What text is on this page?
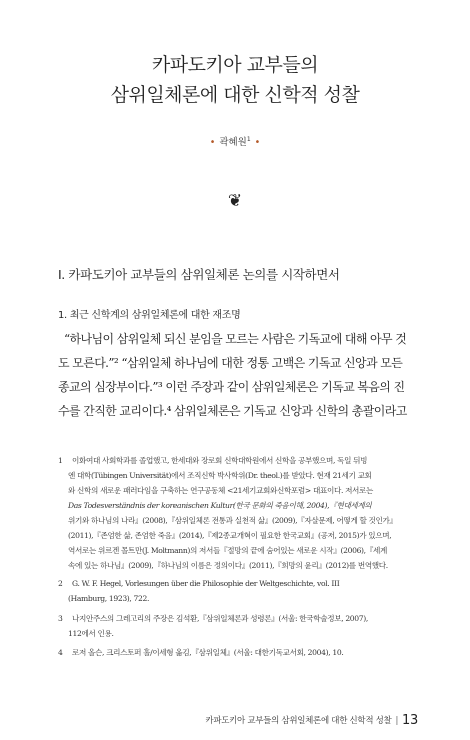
카파도키아 교부들의
삼위일체론에 대한 신학적 성찰
• 곽혜원$^1$ •
❦
I. 카파도키아 교부들의 삼위일체론 논의를 시작하면서
1. 최근 신학계의 삼위일체론에 대한 재조명
“하나님이 삼위일체 되신 분임을 모르는 사람은 기독교에 대해 아무 것
도 모른다.”² “삼위일체 하나님에 대한 정통 고백은 기독교 신앙과 모든
종교의 심장부이다.”³ 이런 주장과 같이 삼위일체론은 기독교 복음의 진
수를 간직한 교리이다.⁴ 삼위일체론은 기독교 신앙과 신학의 총괄이라고
1 이화여대 사회학과를 졸업했고, 한세대와 장로회 신학대학원에서 신학을 공부했으며, 독일 뒤빙
엔 대학(Tübingen Universität)에서 조직신학 박사학위(Dr. theol.)를 받았다. 현재 21세기 교회
와 신학의 새로운 패러다임을 구축하는 연구공동체 <21세기교회와신학포럼> 대표이다. 저서로는
Das Todesverständnis der koreanischen Kultur(한국 문화의 죽음이해, 2004),『현대세계의
위기와 하나님의 나라』(2008),『삼위일체론 전통과 실천적 삶』(2009),『자살문제, 어떻게 할 것인가』
(2011),『존엄한 삶, 존엄한 죽음』(2014),『제2종교개혁이 필요한 한국교회』(공저, 2015)가 있으며,
역서로는 위르겐 몰트만(J. Moltmann)의 저서들『절망의 끝에 숨어있는 새로운 시작』(2006),『세계
속에 있는 하나님』(2009),『하나님의 이름은 정의이다』(2011),『희망의 윤리』(2012)를 번역했다.
2 G. W. F. Hegel, Vorlesungen über die Philosophie der Weltgeschichte, vol. III
(Hamburg, 1923), 722.
3 나지안주스의 그레고리의 주장은 김석환,『삼위일체론과 성령론』(서울: 한국학술정보, 2007),
112에서 인용.
4 로저 올슨, 크리스토퍼 홀/이세형 옮김,『삼위일체』(서울: 대한기독교서회, 2004), 10.
카파도키아 교부들의 삼위일체론에 대한 신학적 성찰 | 13
